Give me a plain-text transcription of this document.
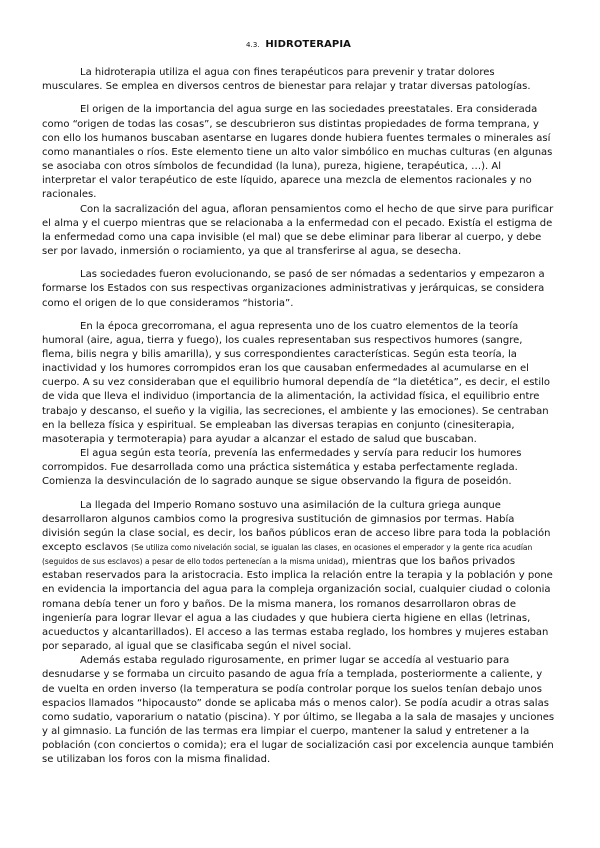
4.3. HIDROTERAPIA

La hidroterapia utiliza el agua con fines terapéuticos para prevenir y tratar dolores musculares. Se emplea en diversos centros de bienestar para relajar y tratar diversas patologías.

El origen de la importancia del agua surge en las sociedades preestatales. Era considerada como “origen de todas las cosas”, se descubrieron sus distintas propiedades de forma temprana, y con ello los humanos buscaban asentarse en lugares donde hubiera fuentes termales o minerales así como manantiales o ríos. Este elemento tiene un alto valor simbólico en muchas culturas (en algunas se asociaba con otros símbolos de fecundidad (la luna), pureza, higiene, terapéutica, …). Al interpretar el valor terapéutico de este líquido, aparece una mezcla de elementos racionales y no racionales.

Con la sacralización del agua, afloran pensamientos como el hecho de que sirve para purificar el alma y el cuerpo mientras que se relacionaba a la enfermedad con el pecado. Existía el estigma de la enfermedad como una capa invisible (el mal) que se debe eliminar para liberar al cuerpo, y debe ser por lavado, inmersión o rociamiento, ya que al transferirse al agua, se desecha.

Las sociedades fueron evolucionando, se pasó de ser nómadas a sedentarios y empezaron a formarse los Estados con sus respectivas organizaciones administrativas y jerárquicas, se considera como el origen de lo que consideramos “historia”.

En la época grecorromana, el agua representa uno de los cuatro elementos de la teoría humoral (aire, agua, tierra y fuego), los cuales representaban sus respectivos humores (sangre, flema, bilis negra y bilis amarilla), y sus correspondientes características. Según esta teoría, la inactividad y los humores corrompidos eran los que causaban enfermedades al acumularse en el cuerpo. A su vez consideraban que el equilibrio humoral dependía de “la dietética”, es decir, el estilo de vida que lleva el individuo (importancia de la alimentación, la actividad física, el equilibrio entre trabajo y descanso, el sueño y la vigilia, las secreciones, el ambiente y las emociones). Se centraban en la belleza física y espiritual. Se empleaban las diversas terapias en conjunto (cinesiterapia, masoterapia y termoterapia) para ayudar a alcanzar el estado de salud que buscaban.

El agua según esta teoría, prevenía las enfermedades y servía para reducir los humores corrompidos. Fue desarrollada como una práctica sistemática y estaba perfectamente reglada. Comienza la desvinculación de lo sagrado aunque se sigue observando la figura de poseidón.

La llegada del Imperio Romano sostuvo una asimilación de la cultura griega aunque desarrollaron algunos cambios como la progresiva sustitución de gimnasios por termas. Había división según la clase social, es decir, los baños públicos eran de acceso libre para toda la población excepto esclavos (Se utiliza como nivelación social, se igualan las clases, en ocasiones el emperador y la gente rica acudían (seguidos de sus esclavos) a pesar de ello todos pertenecían a la misma unidad), mientras que los baños privados estaban reservados para la aristocracia. Esto implica la relación entre la terapia y la población y pone en evidencia la importancia del agua para la compleja organización social, cualquier ciudad o colonia romana debía tener un foro y baños. De la misma manera, los romanos desarrollaron obras de ingeniería para lograr llevar el agua a las ciudades y que hubiera cierta higiene en ellas (letrinas, acueductos y alcantarillados). El acceso a las termas estaba reglado, los hombres y mujeres estaban por separado, al igual que se clasificaba según el nivel social.

Además estaba regulado rigurosamente, en primer lugar se accedía al vestuario para desnudarse y se formaba un circuito pasando de agua fría a templada, posteriormente a caliente, y de vuelta en orden inverso (la temperatura se podía controlar porque los suelos tenían debajo unos espacios llamados “hipocausto” donde se aplicaba más o menos calor). Se podía acudir a otras salas como sudatio, vaporarium o natatio (piscina). Y por último, se llegaba a la sala de masajes y unciones y al gimnasio. La función de las termas era limpiar el cuerpo, mantener la salud y entretener a la población (con conciertos o comida); era el lugar de socialización casi por excelencia aunque también se utilizaban los foros con la misma finalidad.
